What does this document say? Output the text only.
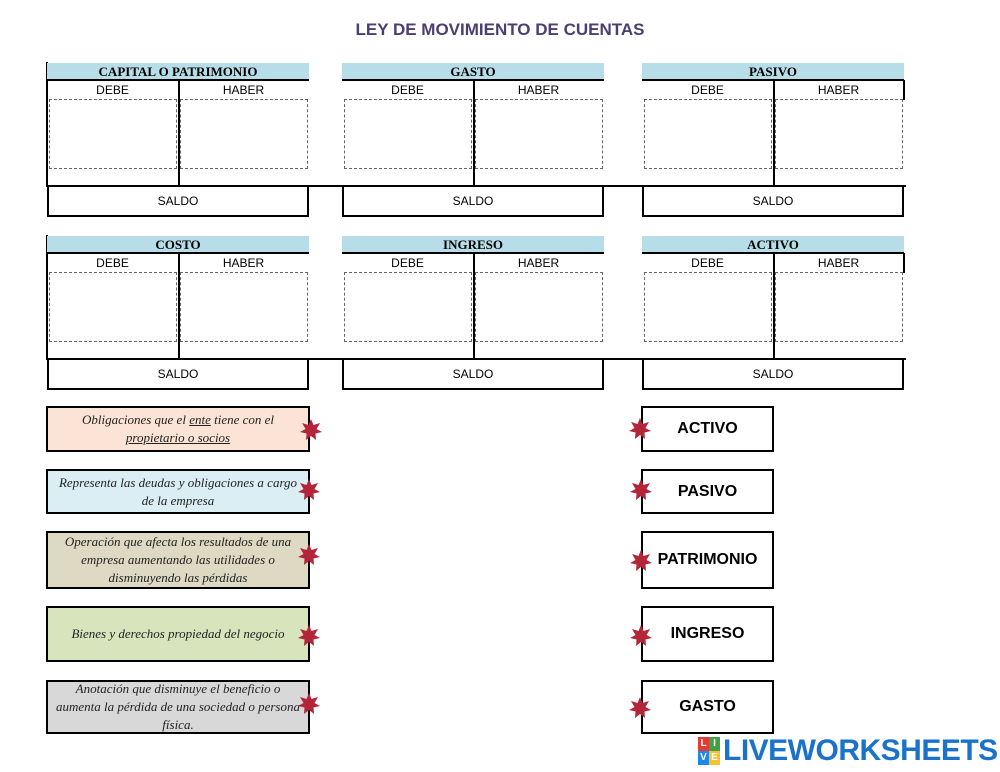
LEY DE MOVIMIENTO DE CUENTAS
CAPITAL O PATRIMONIO
DEBE	HABER
SALDO
GASTO
DEBE	HABER
SALDO
PASIVO
DEBE	HABER
SALDO
COSTO
DEBE	HABER
SALDO
INGRESO
DEBE	HABER
SALDO
ACTIVO
DEBE	HABER
SALDO
Obligaciones que el ente tiene con el
propietario o socios
Representa las deudas y obligaciones a cargo de la empresa
Operación que afecta los resultados de una empresa aumentando las utilidades o disminuyendo las pérdidas
Bienes y derechos propiedad del negocio
Anotación que disminuye el beneficio o aumenta la pérdida de una sociedad o persona física.
ACTIVO
PASIVO
PATRIMONIO
INGRESO
GASTO
L I
V E LIVEWORKSHEETS
